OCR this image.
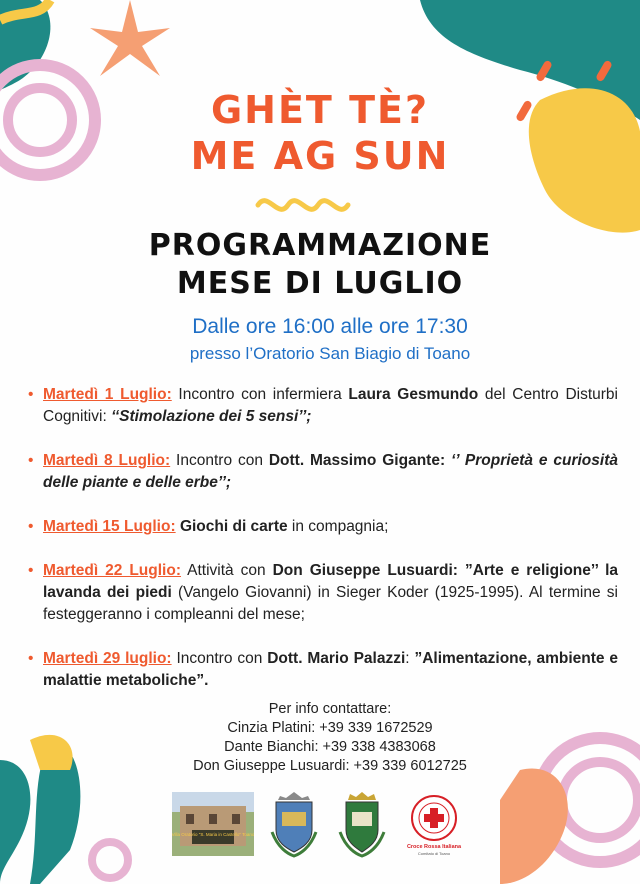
GHÈT TÈ?
ME AG SUN
PROGRAMMAZIONE
MESE DI LUGLIO
Dalle ore 16:00 alle ore 17:30
presso l’Oratorio San Biagio di Toano
• Martedì 1 Luglio: Incontro con infermiera Laura Gesmundo del Centro Disturbi Cognitivi: ‘‘Stimolazione dei 5 sensi’’;
• Martedì 8 Luglio: Incontro con Dott. Massimo Gigante: ‘’ Proprietà e curiosità delle piante e delle erbe’’;
• Martedì 15 Luglio: Giochi di carte in compagnia;
• Martedì 22 Luglio: Attività con Don Giuseppe Lusuardi: ”Arte e religione’’ la lavanda dei piedi (Vangelo Giovanni) in Sieger Koder (1925-1995). Al termine si festeggeranno i compleanni del mese;
• Martedì 29 luglio: Incontro con Dott. Mario Palazzi: ”Alimentazione, ambiente e malattie metaboliche”.
Per info contattare:
Cinzia Platini: +39 339 1672529
Dante Bianchi: +39 338 4383068
Don Giuseppe Lusuardi: +39 339 6012725
Villa Oratorio "S. Maria in Castello" Toano
Croce Rossa Italiana
Comitato di Toano
